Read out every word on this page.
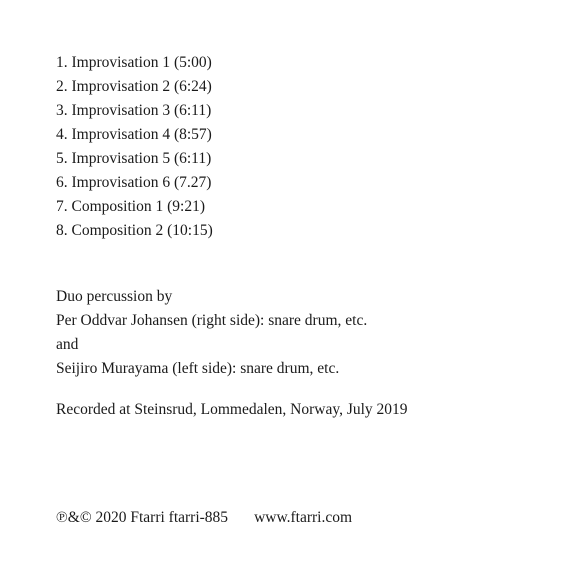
1. Improvisation 1 (5:00)
2. Improvisation 2 (6:24)
3. Improvisation 3 (6:11)
4. Improvisation 4 (8:57)
5. Improvisation 5 (6:11)
6. Improvisation 6 (7.27)
7. Composition 1 (9:21)
8. Composition 2 (10:15)
Duo percussion by
Per Oddvar Johansen (right side): snare drum, etc.
and
Seijiro Murayama (left side): snare drum, etc.
Recorded at Steinsrud, Lommedalen, Norway, July 2019
℗&© 2020 Ftarri ftarri-885 www.ftarri.com
